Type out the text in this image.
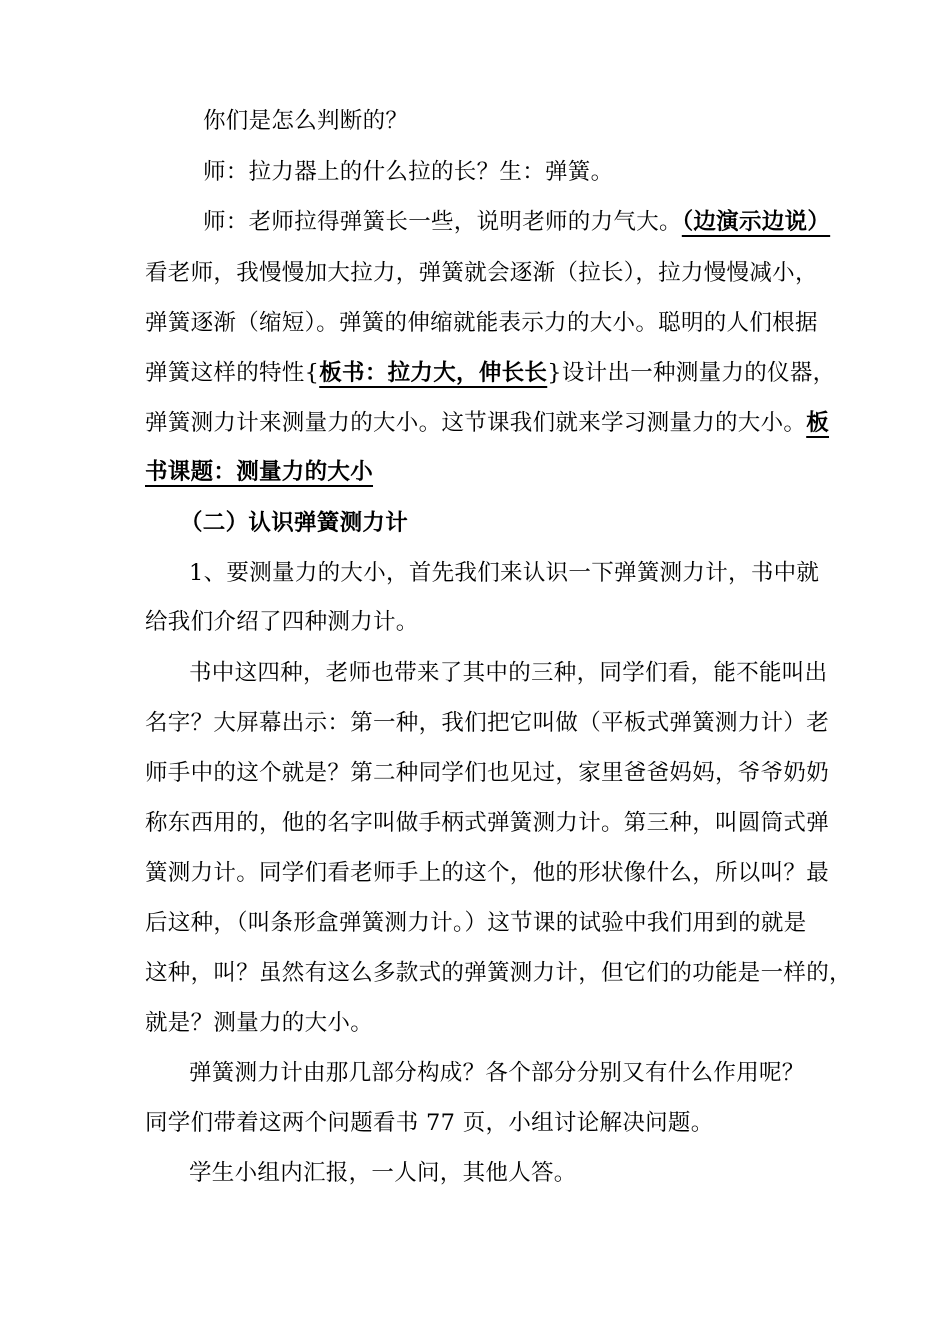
你们是怎么判断的？
师：拉力器上的什么拉的长？生：弹簧。
师：老师拉得弹簧长一些，说明老师的力气大。（边演示边说）
看老师，我慢慢加大拉力，弹簧就会逐渐（拉长），拉力慢慢减小，
弹簧逐渐（缩短）。弹簧的伸缩就能表示力的大小。聪明的人们根据
弹簧这样的特性{板书：拉力大，伸长长}设计出一种测量力的仪器，
弹簧测力计来测量力的大小。这节课我们就来学习测量力的大小。板
书课题：测量力的大小
（二）认识弹簧测力计
1、要测量力的大小，首先我们来认识一下弹簧测力计，书中就
给我们介绍了四种测力计。
书中这四种，老师也带来了其中的三种，同学们看，能不能叫出
名字？大屏幕出示：第一种，我们把它叫做（平板式弹簧测力计）老
师手中的这个就是？第二种同学们也见过，家里爸爸妈妈，爷爷奶奶
称东西用的，他的名字叫做手柄式弹簧测力计。第三种，叫圆筒式弹
簧测力计。同学们看老师手上的这个，他的形状像什么，所以叫？最
后这种，（叫条形盒弹簧测力计。）这节课的试验中我们用到的就是
这种，叫？虽然有这么多款式的弹簧测力计，但它们的功能是一样的，
就是？测量力的大小。
弹簧测力计由那几部分构成？各个部分分别又有什么作用呢？
同学们带着这两个问题看书 77 页，小组讨论解决问题。
学生小组内汇报，一人问，其他人答。
